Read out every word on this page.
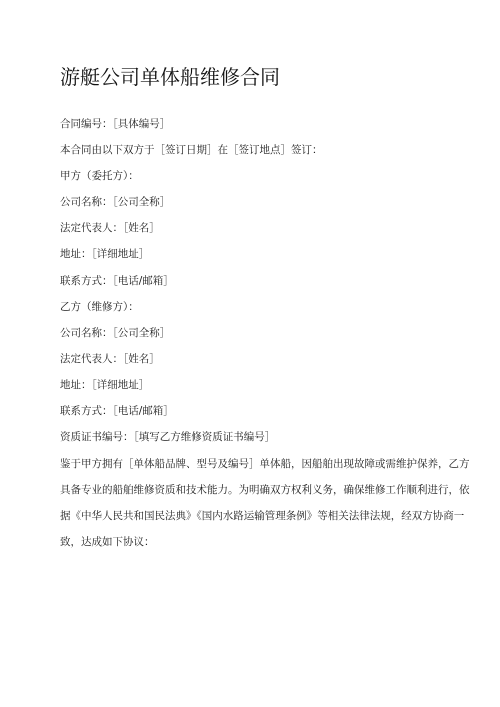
游艇公司单体船维修合同
合同编号：［具体编号］
本合同由以下双方于［签订日期］在［签订地点］签订：
甲方（委托方）：
公司名称：［公司全称］
法定代表人：［姓名］
地址：［详细地址］
联系方式：［电话/邮箱］
乙方（维修方）：
公司名称：［公司全称］
法定代表人：［姓名］
地址：［详细地址］
联系方式：［电话/邮箱］
资质证书编号：［填写乙方维修资质证书编号］

鉴于甲方拥有［单体船品牌、型号及编号］单体船，因船舶出现故障或需维护保养，乙方
具备专业的船舶维修资质和技术能力。为明确双方权利义务，确保维修工作顺利进行，依
据《中华人民共和国民法典》《国内水路运输管理条例》等相关法律法规，经双方协商一
致，达成如下协议：
